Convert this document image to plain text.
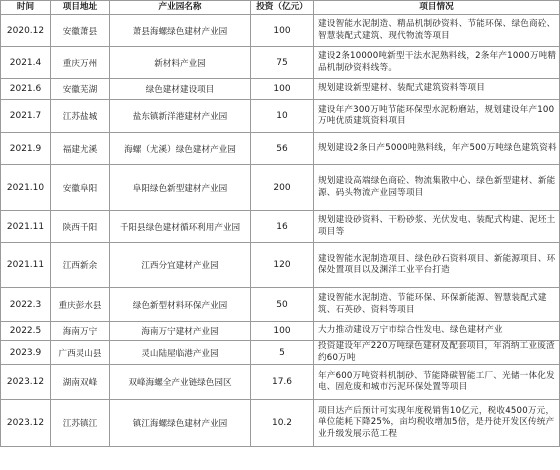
时间	项目地址	产业园名称	投资（亿元）	项目情况
2020.12	安徽萧县	萧县海螺绿色建材产业园	100	建设智能水泥制造、精品机制砂资料、节能环保、绿色商砼、智慧装配式建筑、现代物流等项目
2021.4	重庆万州	新材料产业园	75	建设2条10000吨新型干法水泥熟料线，2条年产1000万吨精品机制砂资料线等。
2021.6	安徽芜湖	绿色建材建设项目	100	规划建设新型建材、装配式建筑资料等项目
2021.7	江苏盐城	盐东镇新洋港建材产业园	10	建设年产300万吨节能环保型水泥粉磨站，规划建设年产100万吨优质建筑资料项目
2021.9	福建尤溪	海螺（尤溪）绿色建材产业园	56	规划建设2条日产5000吨熟料线，年产500万吨绿色建筑资料
2021.10	安徽阜阳	阜阳绿色新型建材产业园	200	规划建设高端绿色商砼、物流集散中心、绿色新型建材、新能源、码头物流产业园等项目
2021.11	陕西千阳	千阳县绿色建材循环利用产业园	16	规划建设砂资料、干粉砂浆、光伏发电、装配式构建、泥坯土项目等
2021.11	江西新余	江西分宜建材产业园	120	建设智能水泥制造项目、绿色砂石资料项目、新能源项目、环保处置项目以及渊洋工业平台打造
2022.3	重庆彭水县	绿色新型材料环保产业园	50	建设智能水泥制造、节能环保、环保新能源、智慧装配式建筑、石英砂、资料等项目
2022.5	海南万宁	海南万宁建材产业园	100	大力推动建设万宁市综合性发电、绿色建材产业
2023.9	广西灵山县	灵山陆屋临港产业园	5	投资建设年产220万吨绿色建材及配套项目，年消纳工业废渣约60万吨
2023.12	湖南双峰	双峰海螺全产业链绿色园区	17.6	年产600万吨资料机制砂、节能降碳智能工厂、光储一体化发电、固危废和城市污泥环保处置等项目
2023.12	江苏镇江	镇江海螺绿色建材产业园	10.2	项目达产后预计可实现年度税销售10亿元，税收4500万元，单位能耗下降25%，亩均税收增加5倍，是丹徒开发区传统产业升级发展示范工程
